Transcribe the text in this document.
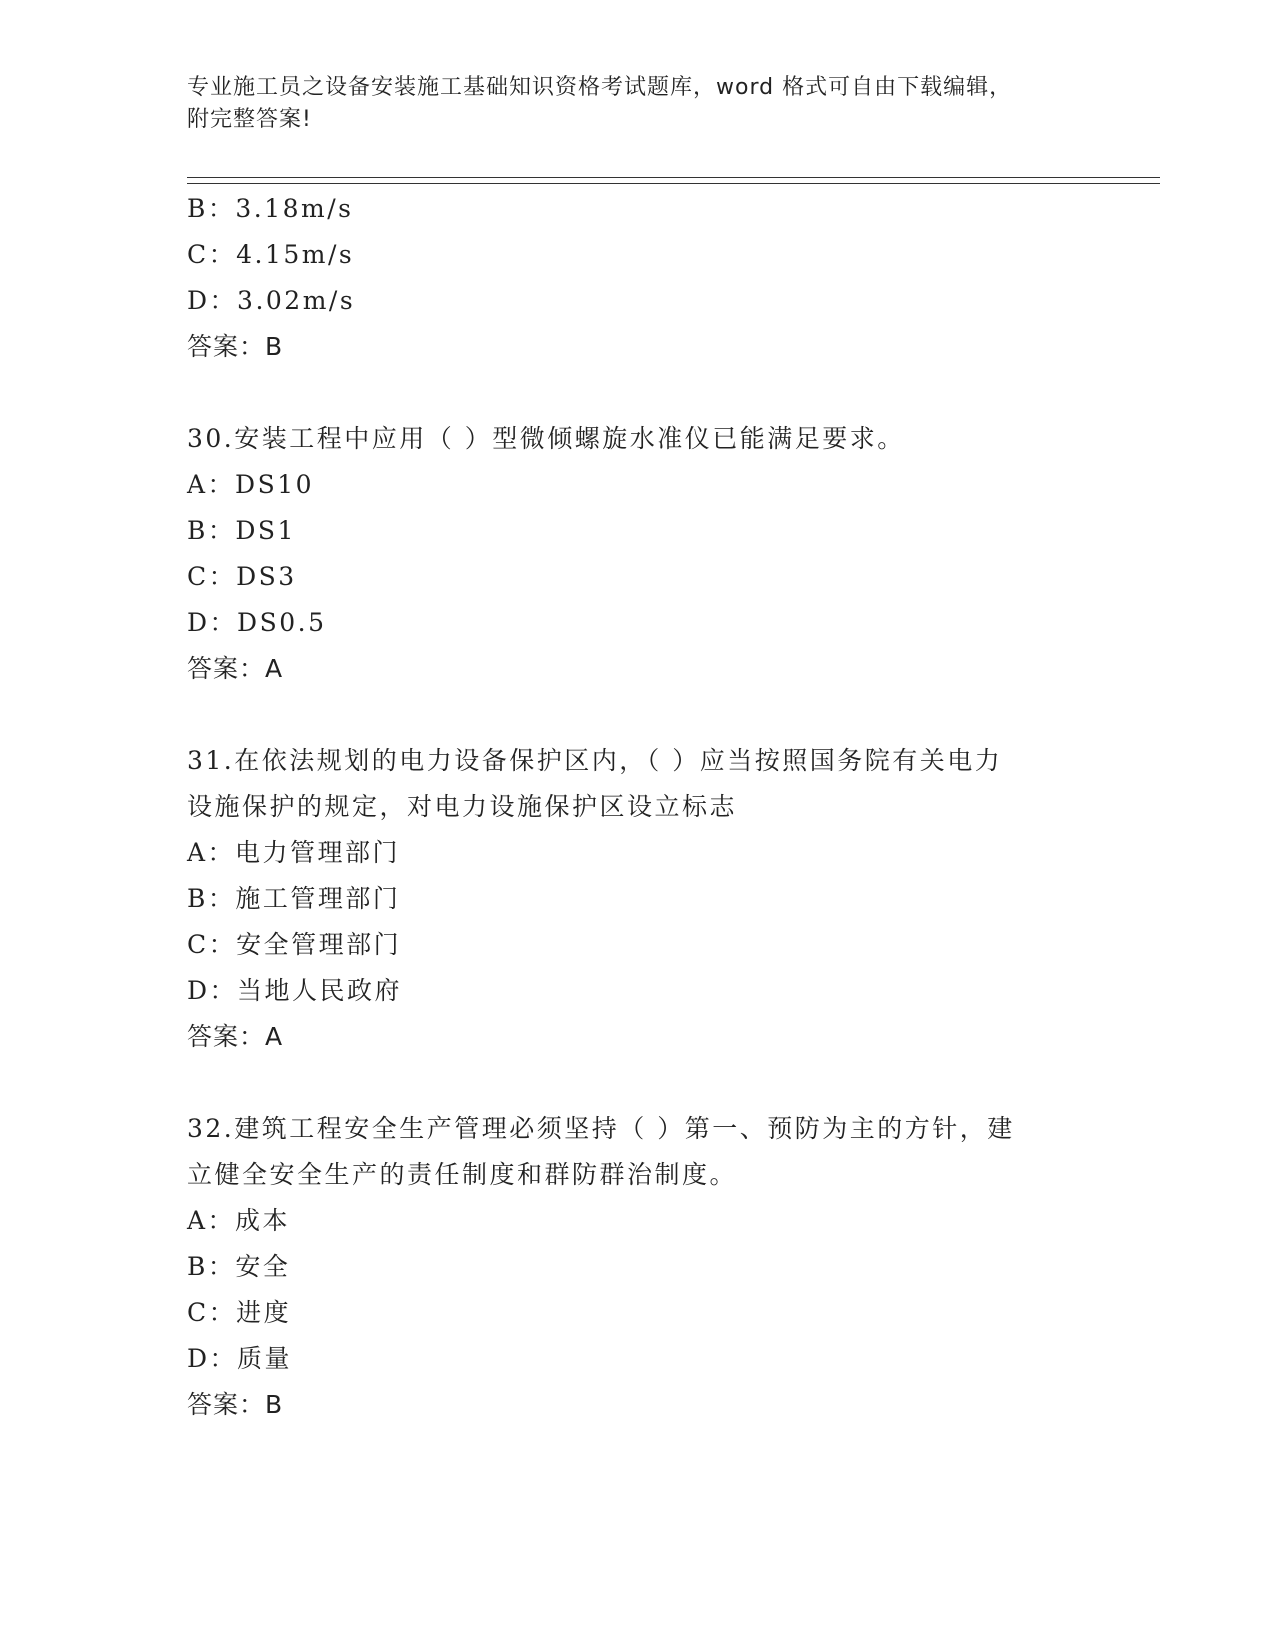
专业施工员之设备安装施工基础知识资格考试题库，word 格式可自由下载编辑，
附完整答案!
B：3.18m/s
C：4.15m/s
D：3.02m/s
答案：B
30.安装工程中应用（ ）型微倾螺旋水准仪已能满足要求。
A：DS10
B：DS1
C：DS3
D：DS0.5
答案：A
31.在依法规划的电力设备保护区内，（ ）应当按照国务院有关电力
设施保护的规定，对电力设施保护区设立标志
A：电力管理部门
B：施工管理部门
C：安全管理部门
D：当地人民政府
答案：A
32.建筑工程安全生产管理必须坚持（ ）第一、预防为主的方针，建
立健全安全生产的责任制度和群防群治制度。
A：成本
B：安全
C：进度
D：质量
答案：B
